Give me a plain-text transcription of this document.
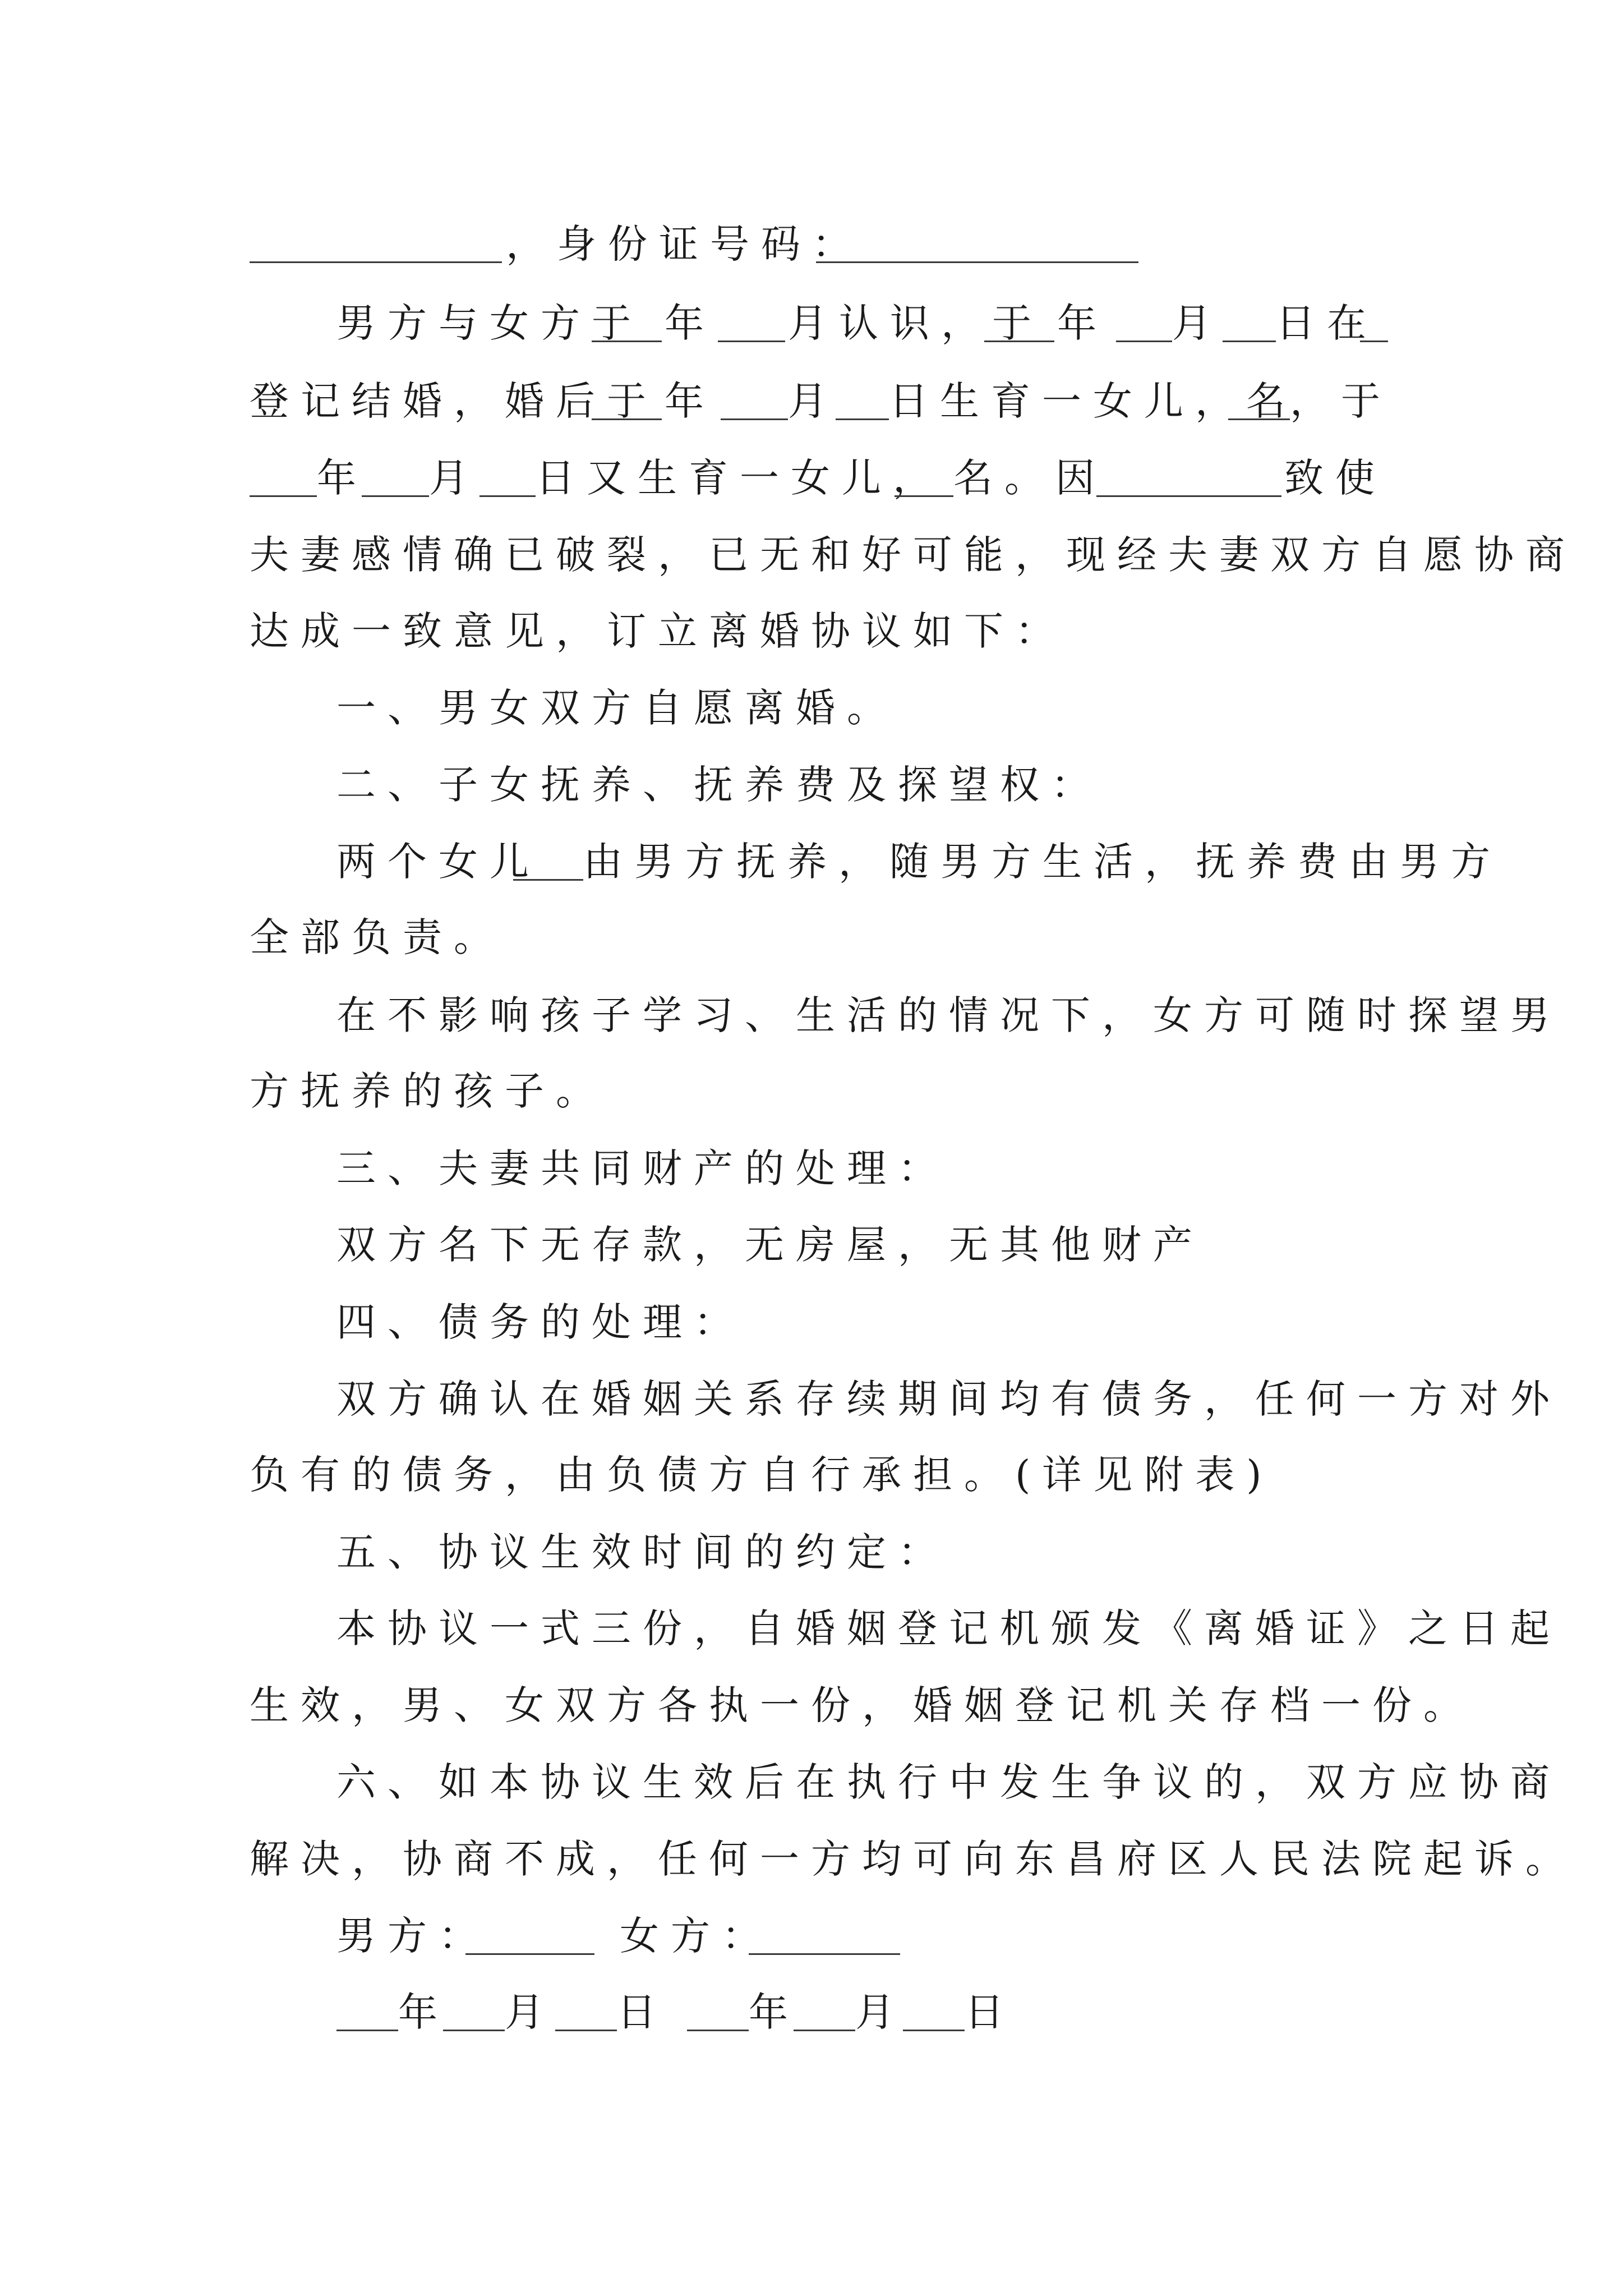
，身份证号码：
男方与女方于 年 月认识，于 年 月 日在
登记结婚，婚后于 年 月 日生育一女儿，名
，于
年 月 日又生育一女儿， 名。因	致使
夫妻感情确已破裂，已无和好可能，现经夫妻双方自愿协商
达成一致意见，订立离婚协议如下：
一、男女双方自愿离婚。
二、子女抚养、抚养费及探望权：
两个女儿 由男方抚养，随男方生活，抚养费由男方
全部负责。
在不影响孩子学习、生活的情况下，女方可随时探望男
方抚养的孩子。
三、夫妻共同财产的处理：
双方名下无存款，无房屋，无其他财产
四、债务的处理：
双方确认在婚姻关系存续期间均有债务，任何一方对外
负有的债务，由负债方自行承担。(详见附表)
五、协议生效时间的约定：
本协议一式三份，自婚姻登记机颁发《离婚证》之日起
生效，男、女双方各执一份，婚姻登记机关存档一份。
六、如本协议生效后在执行中发生争议的，双方应协商
解决，协商不成，任何一方均可向东昌府区人民法院起诉。
男方：	女方：
年 月 日 年 月 日
